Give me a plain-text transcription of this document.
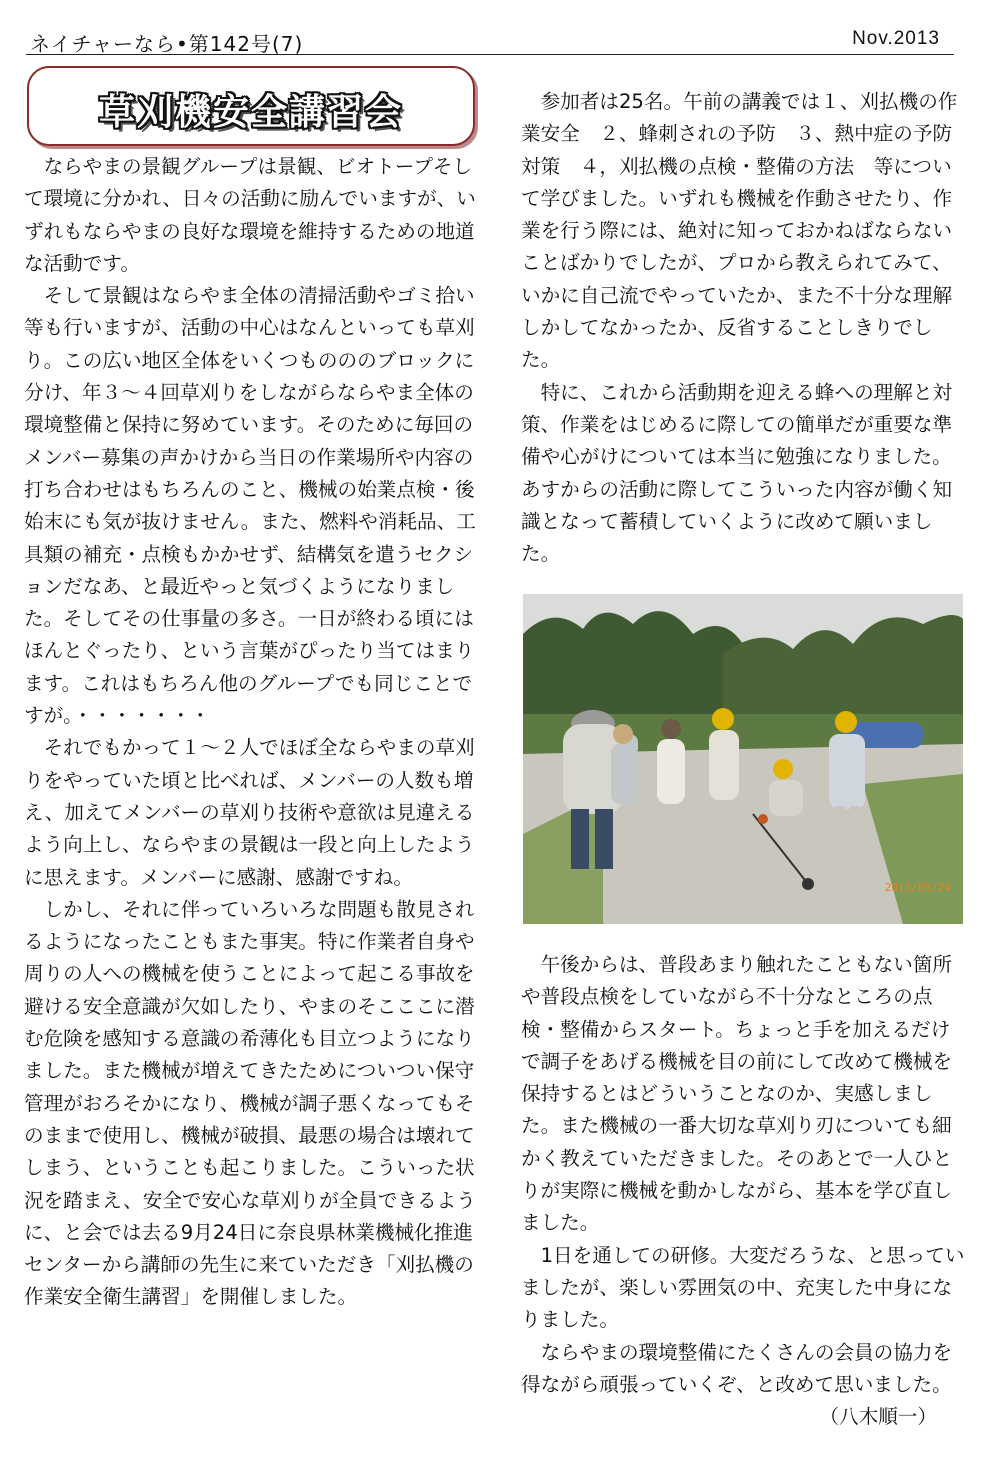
ネイチャーなら•第142号(7)	Nov.2013
草刈機安全講習会

ならやまの景観グループは景観、ビオトープそして環境に分かれ、日々の活動に励んでいますが、いずれもならやまの良好な環境を維持するための地道な活動です。

そして景観はならやま全体の清掃活動やゴミ拾い等も行いますが、活動の中心はなんといっても草刈り。この広い地区全体をいくつものののブロックに分け、年３～４回草刈りをしながらならやま全体の環境整備と保持に努めています。そのために毎回のメンバー募集の声かけから当日の作業場所や内容の打ち合わせはもちろんのこと、機械の始業点検・後始末にも気が抜けません。また、燃料や消耗品、工具類の補充・点検もかかせず、結構気を遣うセクションだなあ、と最近やっと気づくようになりました。そしてその仕事量の多さ。一日が終わる頃にはほんとぐったり、という言葉がぴったり当てはまります。これはもちろん他のグループでも同じことですが。・・・・・・・

それでもかって１～２人でほぼ全ならやまの草刈りをやっていた頃と比べれば、メンバーの人数も増え、加えてメンバーの草刈り技術や意欲は見違えるよう向上し、ならやまの景観は一段と向上したように思えます。メンバーに感謝、感謝ですね。

しかし、それに伴っていろいろな問題も散見されるようになったこともまた事実。特に作業者自身や周りの人への機械を使うことによって起こる事故を避ける安全意識が欠如したり、やまのそこここに潜む危険を感知する意識の希薄化も目立つようになりました。また機械が増えてきたためについつい保守管理がおろそかになり、機械が調子悪くなってもそのままで使用し、機械が破損、最悪の場合は壊れてしまう、ということも起こりました。こういった状況を踏まえ、安全で安心な草刈りが全員できるように、と会では去る9月24日に奈良県林業機械化推進センターから講師の先生に来ていただき「刈払機の作業安全衛生講習」を開催しました。

参加者は25名。午前の講義では１、刈払機の作業安全　２、蜂刺されの予防　３、熱中症の予防対策　４，刈払機の点検・整備の方法　等について学びました。いずれも機械を作動させたり、作業を行う際には、絶対に知っておかねばならないことばかりでしたが、プロから教えられてみて、いかに自己流でやっていたか、また不十分な理解しかしてなかったか、反省することしきりでした。

特に、これから活動期を迎える蜂への理解と対策、作業をはじめるに際しての簡単だが重要な準備や心がけについては本当に勉強になりました。あすからの活動に際してこういった内容が働く知識となって蓄積していくように改めて願いました。

2013/09/24

午後からは、普段あまり触れたこともない箇所や普段点検をしていながら不十分なところの点検・整備からスタート。ちょっと手を加えるだけで調子をあげる機械を目の前にして改めて機械を保持するとはどういうことなのか、実感しました。また機械の一番大切な草刈り刃についても細かく教えていただきました。そのあとで一人ひとりが実際に機械を動かしながら、基本を学び直しました。

1日を通しての研修。大変だろうな、と思っていましたが、楽しい雰囲気の中、充実した中身になりました。

ならやまの環境整備にたくさんの会員の協力を得ながら頑張っていくぞ、と改めて思いました。

（八木順一）
